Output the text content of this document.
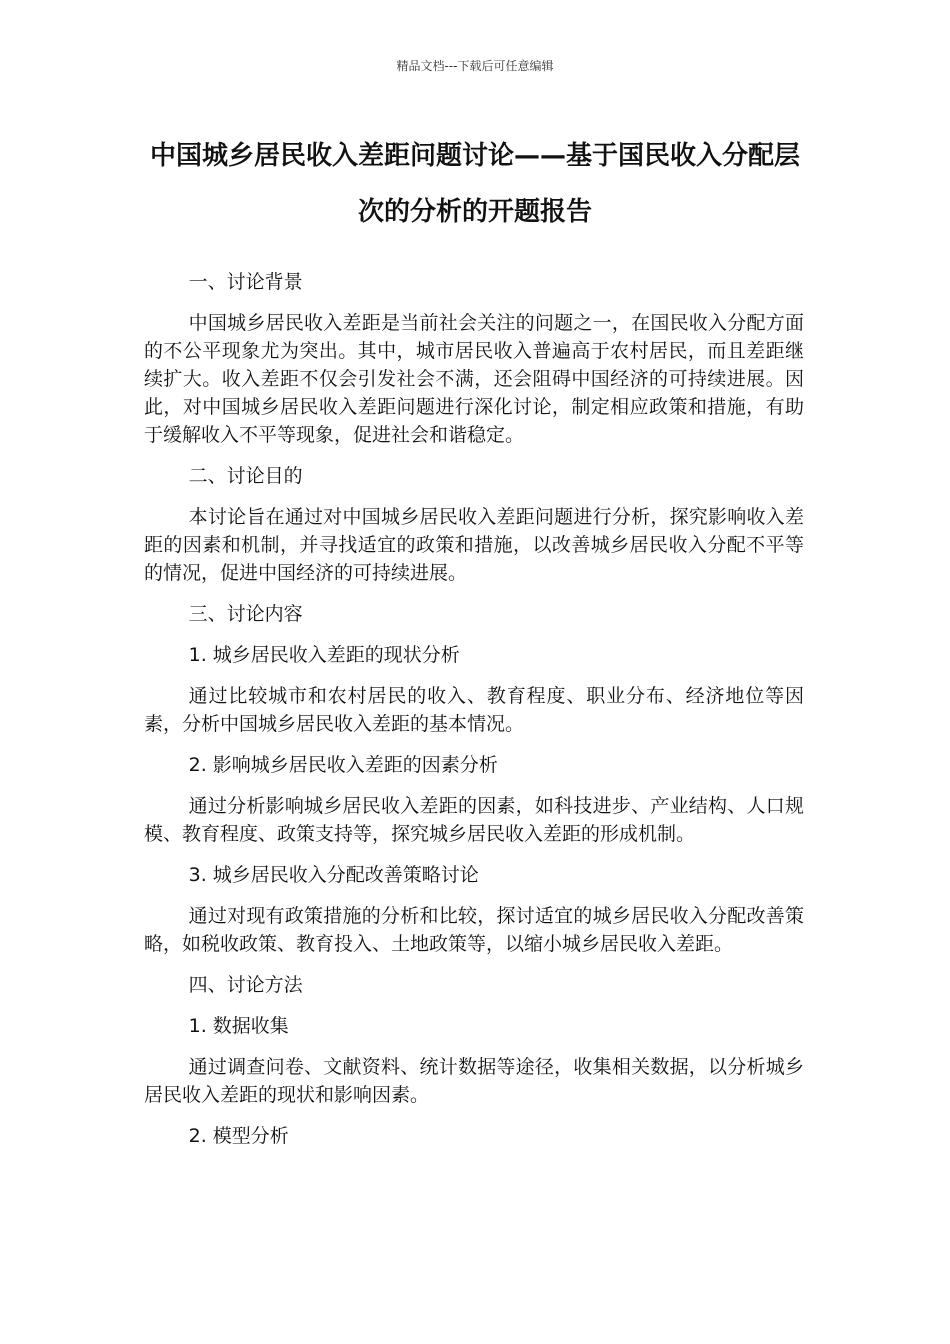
精品文档---下载后可任意编辑
中国城乡居民收入差距问题讨论——基于国民收入分配层次的分析的开题报告

一、讨论背景

中国城乡居民收入差距是当前社会关注的问题之一，在国民收入分配方面的不公平现象尤为突出。其中，城市居民收入普遍高于农村居民，而且差距继续扩大。收入差距不仅会引发社会不满，还会阻碍中国经济的可持续进展。因此，对中国城乡居民收入差距问题进行深化讨论，制定相应政策和措施，有助于缓解收入不平等现象，促进社会和谐稳定。

二、讨论目的

本讨论旨在通过对中国城乡居民收入差距问题进行分析，探究影响收入差距的因素和机制，并寻找适宜的政策和措施，以改善城乡居民收入分配不平等的情况，促进中国经济的可持续进展。

三、讨论内容

1. 城乡居民收入差距的现状分析

通过比较城市和农村居民的收入、教育程度、职业分布、经济地位等因素，分析中国城乡居民收入差距的基本情况。

2. 影响城乡居民收入差距的因素分析

通过分析影响城乡居民收入差距的因素，如科技进步、产业结构、人口规模、教育程度、政策支持等，探究城乡居民收入差距的形成机制。

3. 城乡居民收入分配改善策略讨论

通过对现有政策措施的分析和比较，探讨适宜的城乡居民收入分配改善策略，如税收政策、教育投入、土地政策等，以缩小城乡居民收入差距。

四、讨论方法

1. 数据收集

通过调查问卷、文献资料、统计数据等途径，收集相关数据，以分析城乡居民收入差距的现状和影响因素。

2. 模型分析
